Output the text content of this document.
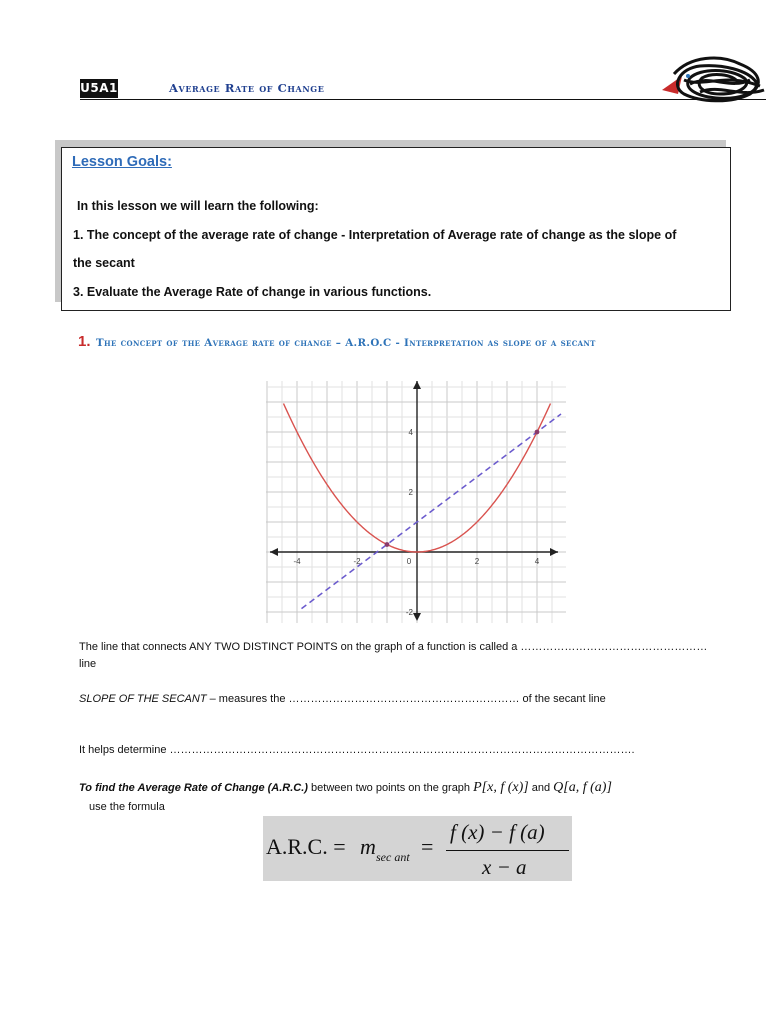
U5A1	Average Rate of Change
Lesson Goals:
In this lesson we will learn the following:
1. The concept of the average rate of change - Interpretation of Average rate of change as the slope of
the secant
3. Evaluate the Average Rate of change in various functions.
1. The concept of the Average rate of change – A.R.O.C - Interpretation as slope of a secant
-4	-2	0	2	4
4
2
-2
The line that connects ANY TWO DISTINCT POINTS on the graph of a function is called a ……………………………………………
line
SLOPE OF THE SECANT – measures the ……………………………………………………… of the secant line
It helps determine ……………………………………………………………………………………………………………….
To find the Average Rate of Change (A.R.C.) between two points on the graph P[x, f (x)] and Q[a, f (a)]
use the formula
A.R.C. = m sec ant =
f (x) − f (a)
x − a
